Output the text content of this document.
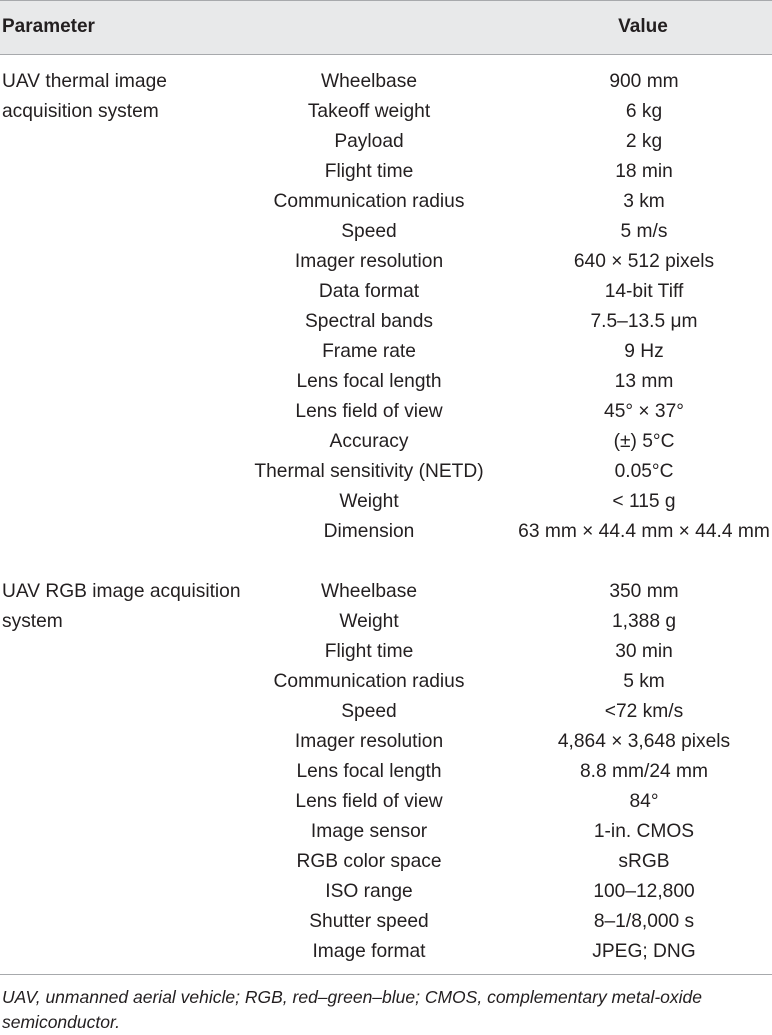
Parameter	Value
UAV thermal image acquisition system
Wheelbase	900 mm
Takeoff weight	6 kg
Payload	2 kg
Flight time	18 min
Communication radius	3 km
Speed	5 m/s
Imager resolution	640 × 512 pixels
Data format	14-bit Tiff
Spectral bands	7.5–13.5 μm
Frame rate	9 Hz
Lens focal length	13 mm
Lens field of view	45° × 37°
Accuracy	(±) 5°C
Thermal sensitivity (NETD)	0.05°C
Weight	< 115 g
Dimension	63 mm × 44.4 mm × 44.4 mm
UAV RGB image acquisition system
Wheelbase	350 mm
Weight	1,388 g
Flight time	30 min
Communication radius	5 km
Speed	<72 km/s
Imager resolution	4,864 × 3,648 pixels
Lens focal length	8.8 mm/24 mm
Lens field of view	84°
Image sensor	1-in. CMOS
RGB color space	sRGB
ISO range	100–12,800
Shutter speed	8–1/8,000 s
Image format	JPEG; DNG
UAV, unmanned aerial vehicle; RGB, red–green–blue; CMOS, complementary metal-oxide semiconductor.
